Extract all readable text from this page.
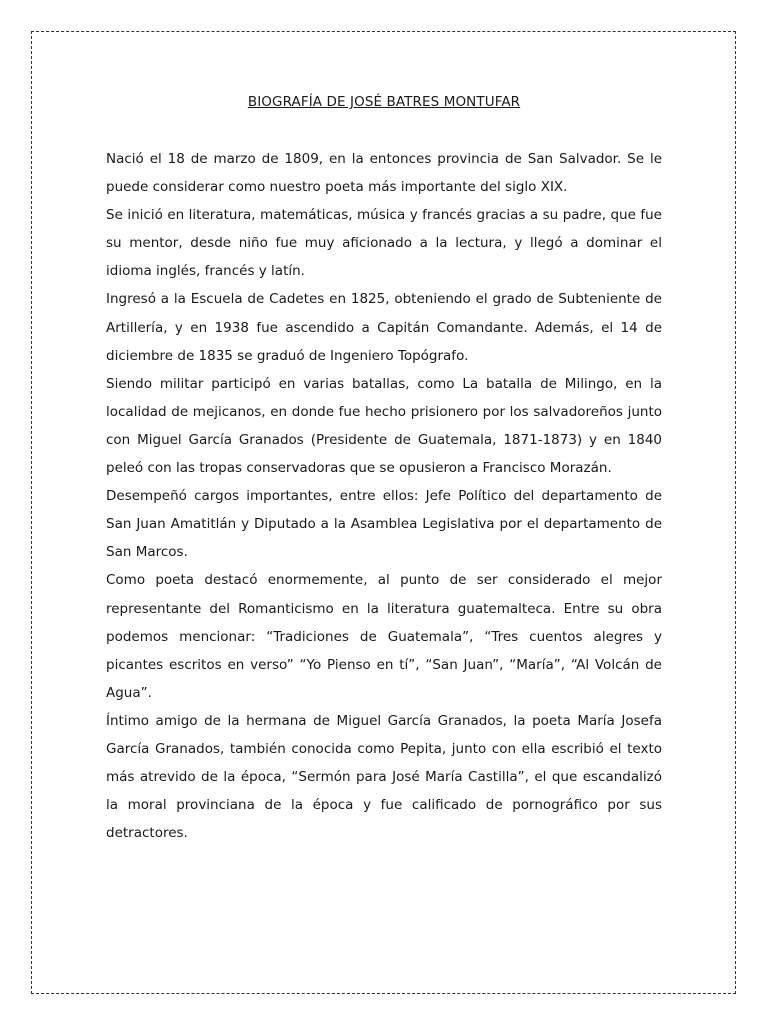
BIOGRAFÍA DE JOSÉ BATRES MONTUFAR

Nació el 18 de marzo de 1809, en la entonces provincia de San Salvador. Se le puede considerar como nuestro poeta más importante del siglo XIX.

Se inició en literatura, matemáticas, música y francés gracias a su padre, que fue su mentor, desde niño fue muy aficionado a la lectura, y llegó a dominar el idioma inglés, francés y latín.

Ingresó a la Escuela de Cadetes en 1825, obteniendo el grado de Subteniente de Artillería, y en 1938 fue ascendido a Capitán Comandante. Además, el 14 de diciembre de 1835 se graduó de Ingeniero Topógrafo.

Siendo militar participó en varias batallas, como La batalla de Milingo, en la localidad de mejicanos, en donde fue hecho prisionero por los salvadoreños junto con Miguel García Granados (Presidente de Guatemala, 1871-1873) y en 1840 peleó con las tropas conservadoras que se opusieron a Francisco Morazán.

Desempeñó cargos importantes, entre ellos: Jefe Político del departamento de San Juan Amatitlán y Diputado a la Asamblea Legislativa por el departamento de San Marcos.

Como poeta destacó enormemente, al punto de ser considerado el mejor representante del Romanticismo en la literatura guatemalteca. Entre su obra podemos mencionar: “Tradiciones de Guatemala”, “Tres cuentos alegres y picantes escritos en verso” “Yo Pienso en tí”, “San Juan”, “María”, “Al Volcán de Agua”.

Íntimo amigo de la hermana de Miguel García Granados, la poeta María Josefa García Granados, también conocida como Pepita, junto con ella escribió el texto más atrevido de la época, “Sermón para José María Castilla”, el que escandalizó la moral provinciana de la época y fue calificado de pornográfico por sus detractores.
